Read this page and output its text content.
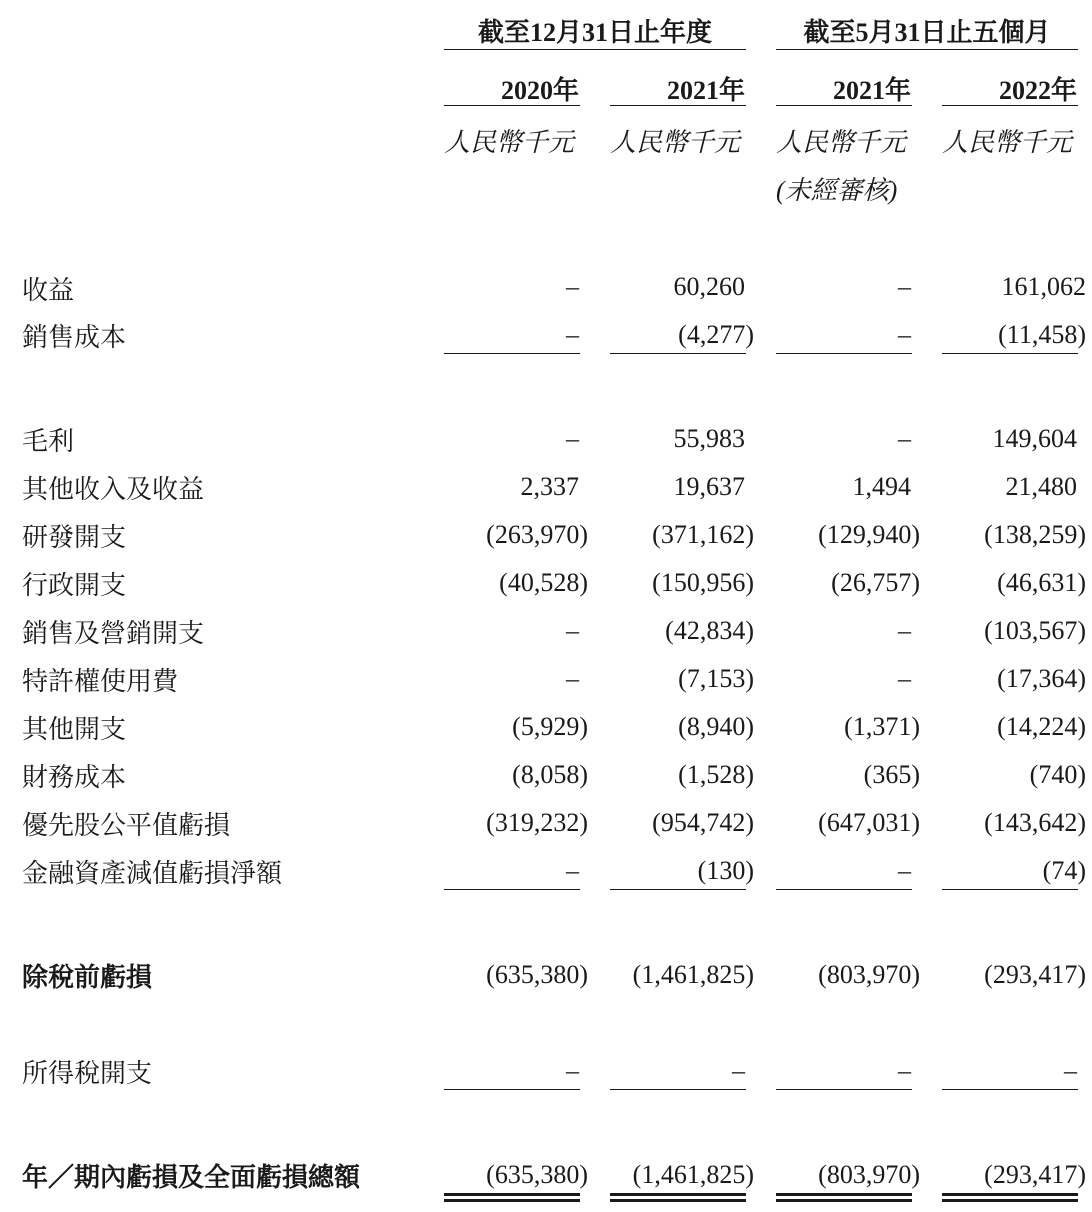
截至12月31日止年度	截至5月31日止五個月
2020年	2021年	2021年	2022年
人民幣千元 人民幣千元 人民幣千元 人民幣千元
(未經審核)
收益	–	60,260	–	161,062
銷售成本	–	(4,277)	–	(11,458)
毛利	–	55,983	–	149,604
其他收入及收益	2,337	19,637	1,494	21,480
研發開支	(263,970) (371,162) (129,940) (138,259)
行政開支	(40,528) (150,956)	(26,757)	(46,631)
銷售及營銷開支	–	(42,834)	–	(103,567)
特許權使用費	–	(7,153)	–	(17,364)
其他開支	(5,929)	(8,940)	(1,371)	(14,224)
財務成本	(8,058)	(1,528)	(365)	(740)
優先股公平值虧損	(319,232) (954,742) (647,031) (143,642)
金融資產減值虧損淨額	–	(130)	–	(74)
除稅前虧損	(635,380) (1,461,825) (803,970) (293,417)
所得稅開支	–	–	–	–
年／期內虧損及全面虧損總額	(635,380) (1,461,825) (803,970) (293,417)
